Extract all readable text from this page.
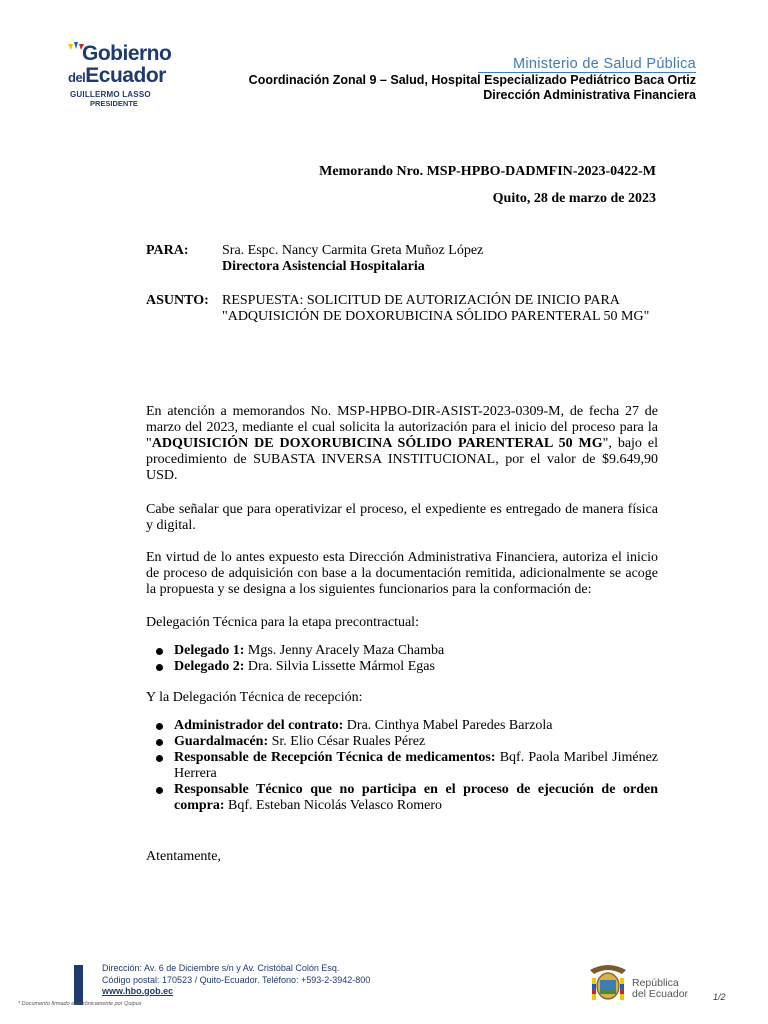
Gobierno
delEcuador
GUILLERMO LASSO
PRESIDENTE
Ministerio de Salud Pública
Coordinación Zonal 9 – Salud, Hospital Especializado Pediátrico Baca Ortiz
Dirección Administrativa Financiera
Memorando Nro. MSP-HPBO-DADMFIN-2023-0422-M
Quito, 28 de marzo de 2023
PARA: Sra. Espc. Nancy Carmita Greta Muñoz López
Directora Asistencial Hospitalaria
ASUNTO: RESPUESTA: SOLICITUD DE AUTORIZACIÓN DE INICIO PARA "ADQUISICIÓN DE DOXORUBICINA SÓLIDO PARENTERAL 50 MG"
En atención a memorandos No. MSP-HPBO-DIR-ASIST-2023-0309-M, de fecha 27 de marzo del 2023, mediante el cual solicita la autorización para el inicio del proceso para la "ADQUISICIÓN DE DOXORUBICINA SÓLIDO PARENTERAL 50 MG", bajo el procedimiento de SUBASTA INVERSA INSTITUCIONAL, por el valor de $9.649,90 USD.
Cabe señalar que para operativizar el proceso, el expediente es entregado de manera física y digital.
En virtud de lo antes expuesto esta Dirección Administrativa Financiera, autoriza el inicio de proceso de adquisición con base a la documentación remitida, adicionalmente se acoge la propuesta y se designa a los siguientes funcionarios para la conformación de:
Delegación Técnica para la etapa precontractual:
Delegado 1: Mgs. Jenny Aracely Maza Chamba
Delegado 2: Dra. Silvia Lissette Mármol Egas
Y la Delegación Técnica de recepción:
Administrador del contrato: Dra. Cinthya Mabel Paredes Barzola
Guardalmacén: Sr. Elio César Ruales Pérez
Responsable de Recepción Técnica de medicamentos: Bqf. Paola Maribel Jiménez Herrera
Responsable Técnico que no participa en el proceso de ejecución de orden compra: Bqf. Esteban Nicolás Velasco Romero
Atentamente,
Dirección: Av. 6 de Diciembre s/n y Av. Cristóbal Colón Esq.
Código postal: 170523 / Quito-Ecuador. Teléfono: +593-2-3942-800
www.hbo.gob.ec
* Documento firmado electrónicamente por Quipux
República
del Ecuador	1/2
